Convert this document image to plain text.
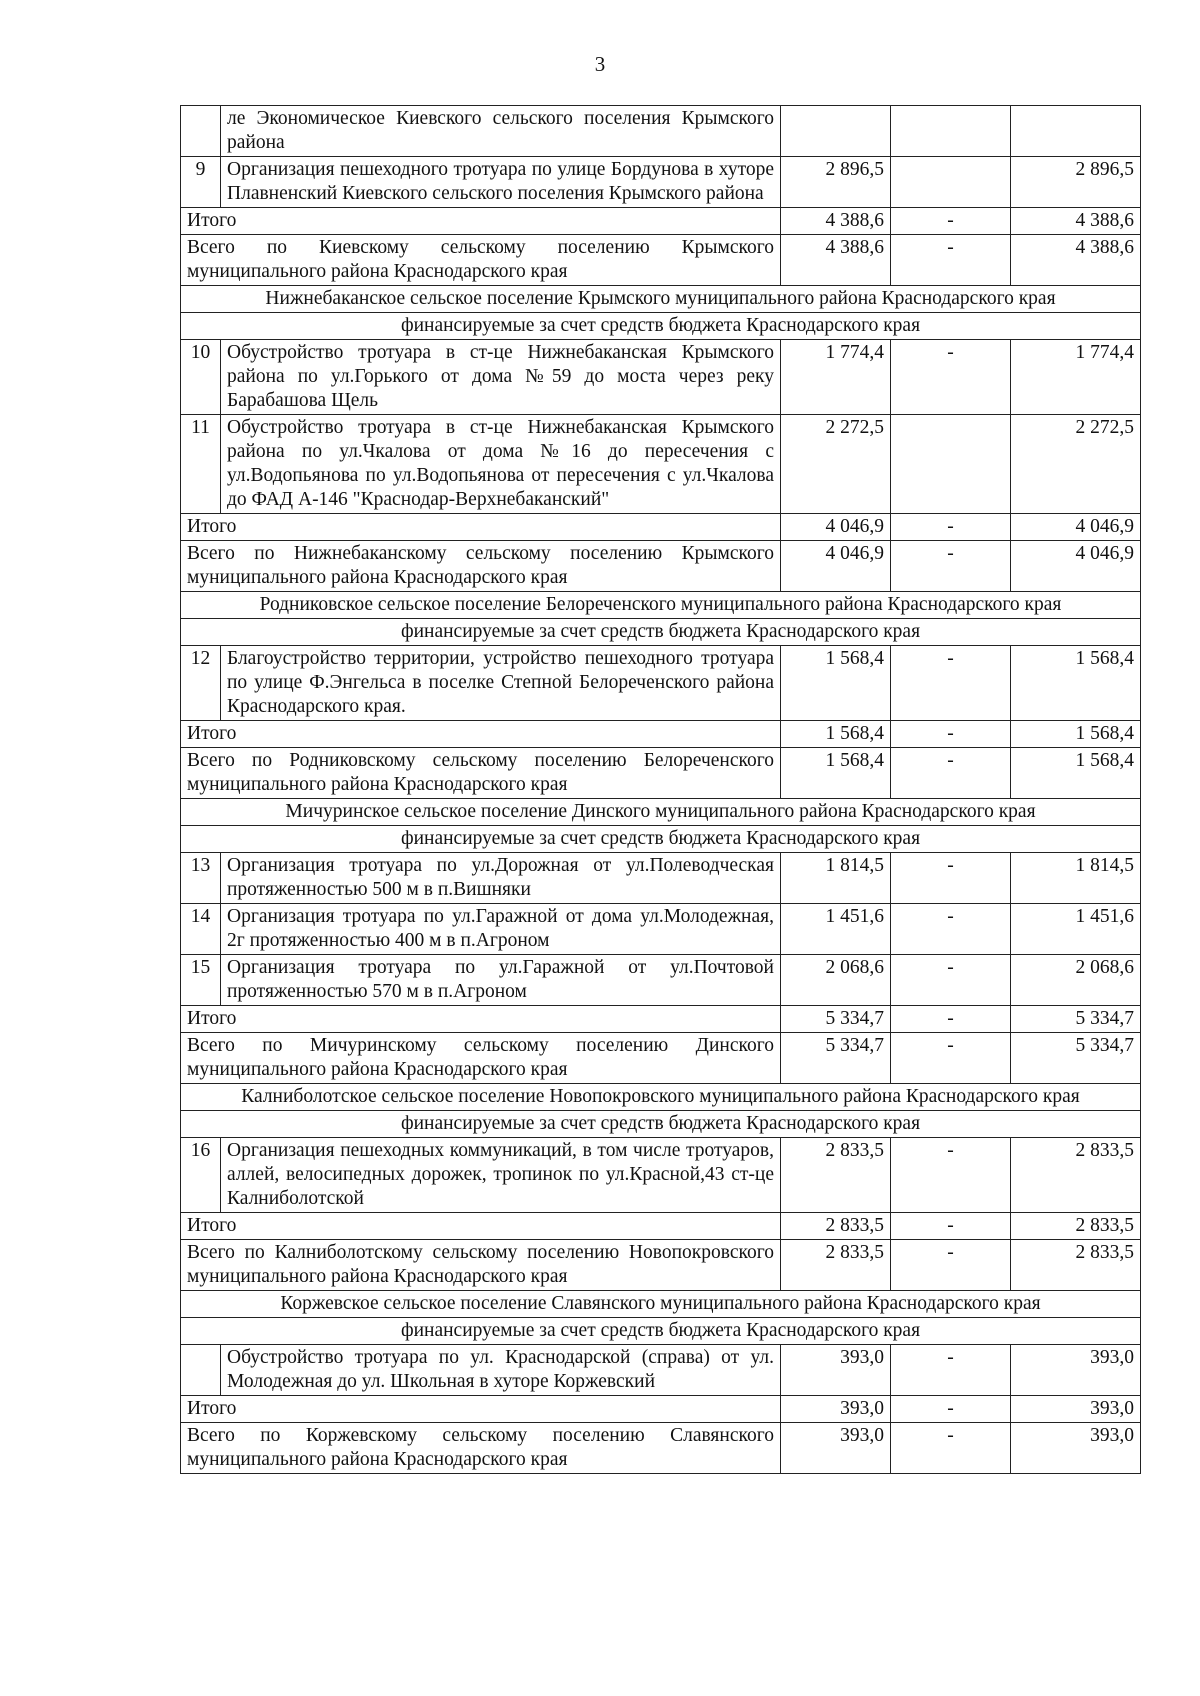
3
	ле Экономическое Киевского сельского поселения Крымского района			
9	Организация пешеходного тротуара по улице Бордунова в хуторе Плавненский Киевского сельского поселения Крымского района	2 896,5		2 896,5
Итого		4 388,6	-	4 388,6
Всего по Киевскому сельскому поселению Крымского муниципального района Краснодарского края		4 388,6	-	4 388,6
Нижнебаканское сельское поселение Крымского муниципального района Краснодарского края				
финансируемые за счет средств бюджета Краснодарского края				
10	Обустройство тротуара в ст-це Нижнебаканская Крымского района по ул.Горького от дома №59 до моста через реку Барабашова Щель	1 774,4	-	1 774,4
11	Обустройство тротуара в ст-це Нижнебаканская Крымского района по ул.Чкалова от дома №16 до пересечения с ул.Водопьянова по ул.Водопьянова от пересечения с ул.Чкалова до ФАД А-146 "Краснодар-Верхнебаканский"	2 272,5		2 272,5
Итого		4 046,9	-	4 046,9
Всего по Нижнебаканскому сельскому поселению Крымского муниципального района Краснодарского края		4 046,9	-	4 046,9
Родниковское сельское поселение Белореченского муниципального района Краснодарского края				
финансируемые за счет средств бюджета Краснодарского края				
12	Благоустройство территории, устройство пешеходного тротуара по улице Ф.Энгельса в поселке Степной Белореченского района Краснодарского края.	1 568,4	-	1 568,4
Итого		1 568,4	-	1 568,4
Всего по Родниковскому сельскому поселению Белореченского муниципального района Краснодарского края		1 568,4	-	1 568,4
Мичуринское сельское поселение Динского муниципального района Краснодарского края				
финансируемые за счет средств бюджета Краснодарского края				
13	Организация тротуара по ул.Дорожная от ул.Полеводческая протяженностью 500 м в п.Вишняки	1 814,5	-	1 814,5
14	Организация тротуара по ул.Гаражной от дома ул.Молодежная, 2г протяженностью 400 м в п.Агроном	1 451,6	-	1 451,6
15	Организация тротуара по ул.Гаражной от ул.Почтовой протяженностью 570 м в п.Агроном	2 068,6	-	2 068,6
Итого		5 334,7	-	5 334,7
Всего по Мичуринскому сельскому поселению Динского муниципального района Краснодарского края		5 334,7	-	5 334,7
Калниболотское сельское поселение Новопокровского муниципального района Краснодарского края				
финансируемые за счет средств бюджета Краснодарского края				
16	Организация пешеходных коммуникаций, в том числе тротуаров, аллей, велосипедных дорожек, тропинок по ул.Красной,43 ст-це Калниболотской	2 833,5	-	2 833,5
Итого		2 833,5	-	2 833,5
Всего по Калниболотскому сельскому поселению Новопокровского муниципального района Краснодарского края		2 833,5	-	2 833,5
Коржевское сельское поселение Славянского муниципального района Краснодарского края				
финансируемые за счет средств бюджета Краснодарского края				
	Обустройство тротуара по ул. Краснодарской (справа) от ул. Молодежная до ул. Школьная в хуторе Коржевский	393,0	-	393,0
Итого		393,0	-	393,0
Всего по Коржевскому сельскому поселению Славянского муниципального района Краснодарского края		393,0	-	393,0
